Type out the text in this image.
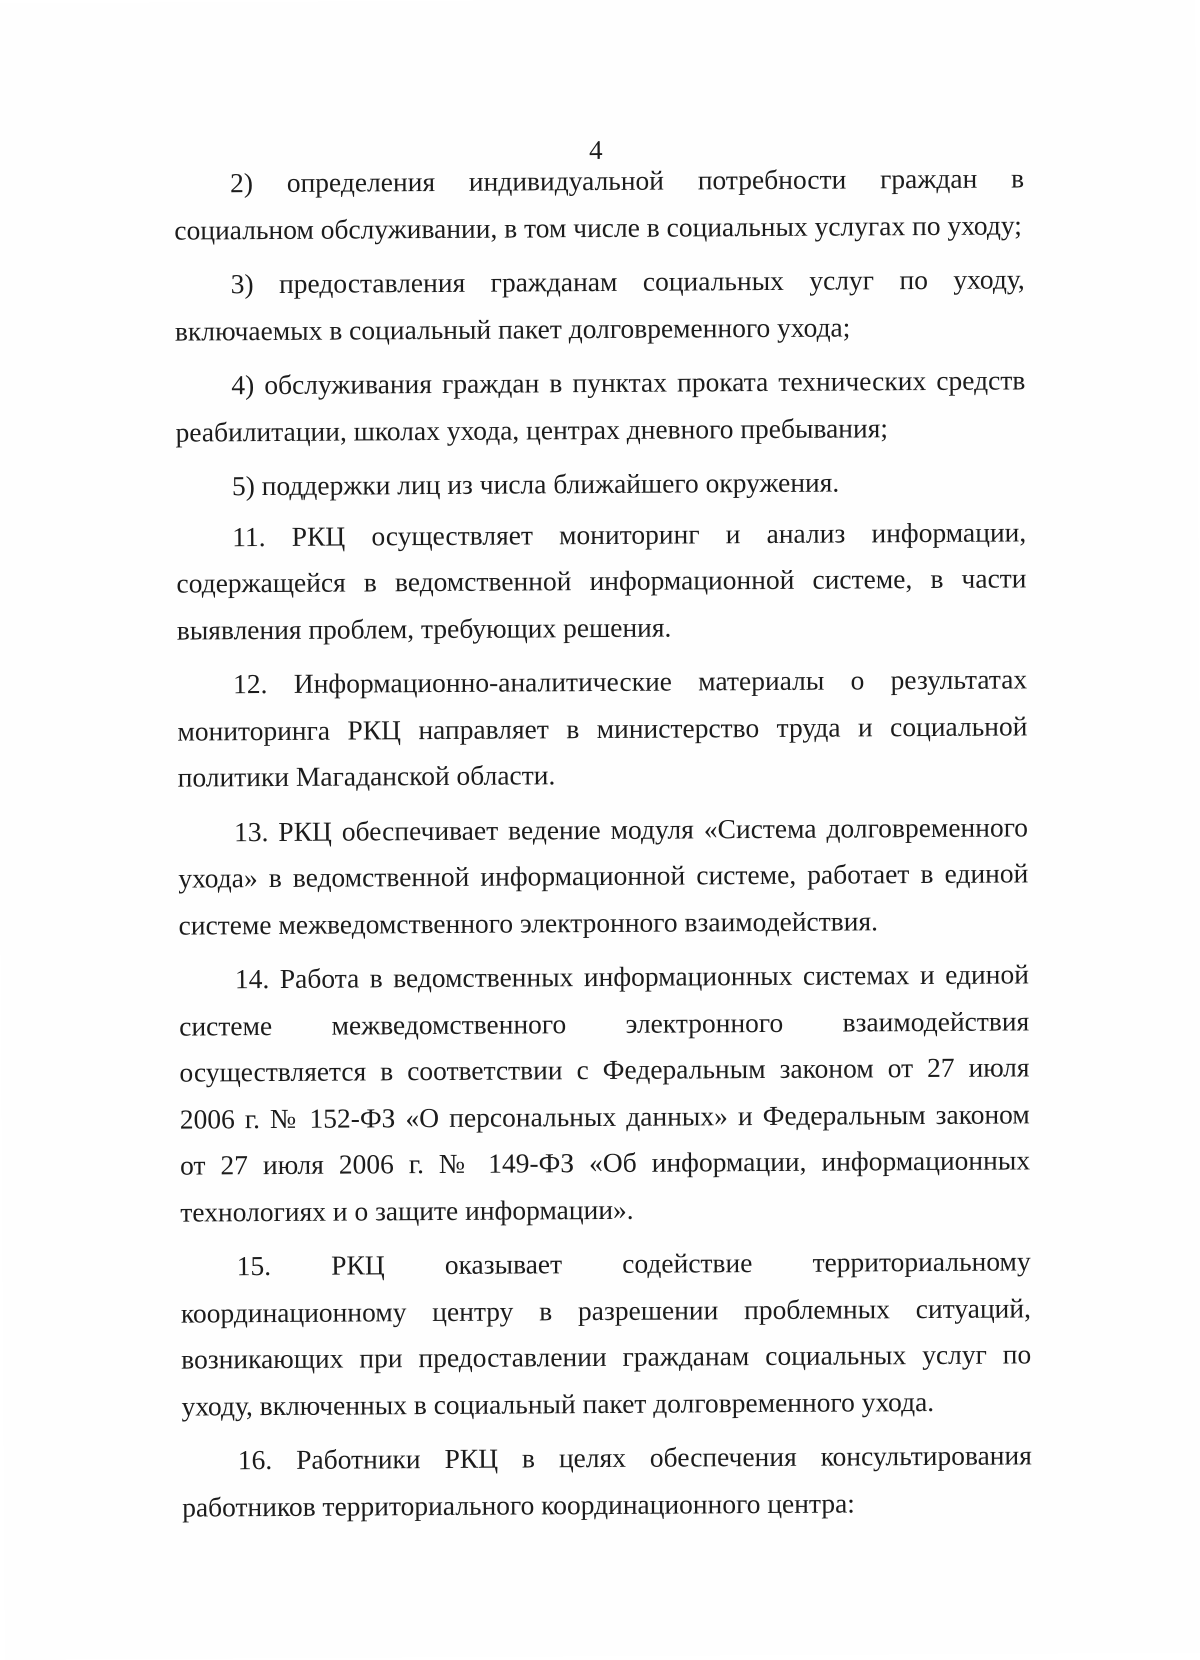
4

2) определения индивидуальной потребности граждан в социальном обслуживании, в том числе в социальных услугах по уходу;

3) предоставления гражданам социальных услуг по уходу, включаемых в социальный пакет долговременного ухода;

4) обслуживания граждан в пунктах проката технических средств реабилитации, школах ухода, центрах дневного пребывания;

5) поддержки лиц из числа ближайшего окружения.

11. РКЦ осуществляет мониторинг и анализ информации, содержащейся в ведомственной информационной системе, в части выявления проблем, требующих решения.

12. Информационно-аналитические материалы о результатах мониторинга РКЦ направляет в министерство труда и социальной политики Магаданской области.

13. РКЦ обеспечивает ведение модуля «Система долговременного ухода» в ведомственной информационной системе, работает в единой системе межведомственного электронного взаимодействия.

14. Работа в ведомственных информационных системах и единой системе межведомственного электронного взаимодействия осуществляется в соответствии с Федеральным законом от 27 июля 2006 г. № 152-ФЗ «О персональных данных» и Федеральным законом от 27 июля 2006 г. № 149-ФЗ «Об информации, информационных технологиях и о защите информации».

15. РКЦ оказывает содействие территориальному координационному центру в разрешении проблемных ситуаций, возникающих при предоставлении гражданам социальных услуг по уходу, включенных в социальный пакет долговременного ухода.

16. Работники РКЦ в целях обеспечения консультирования работников территориального координационного центра:
